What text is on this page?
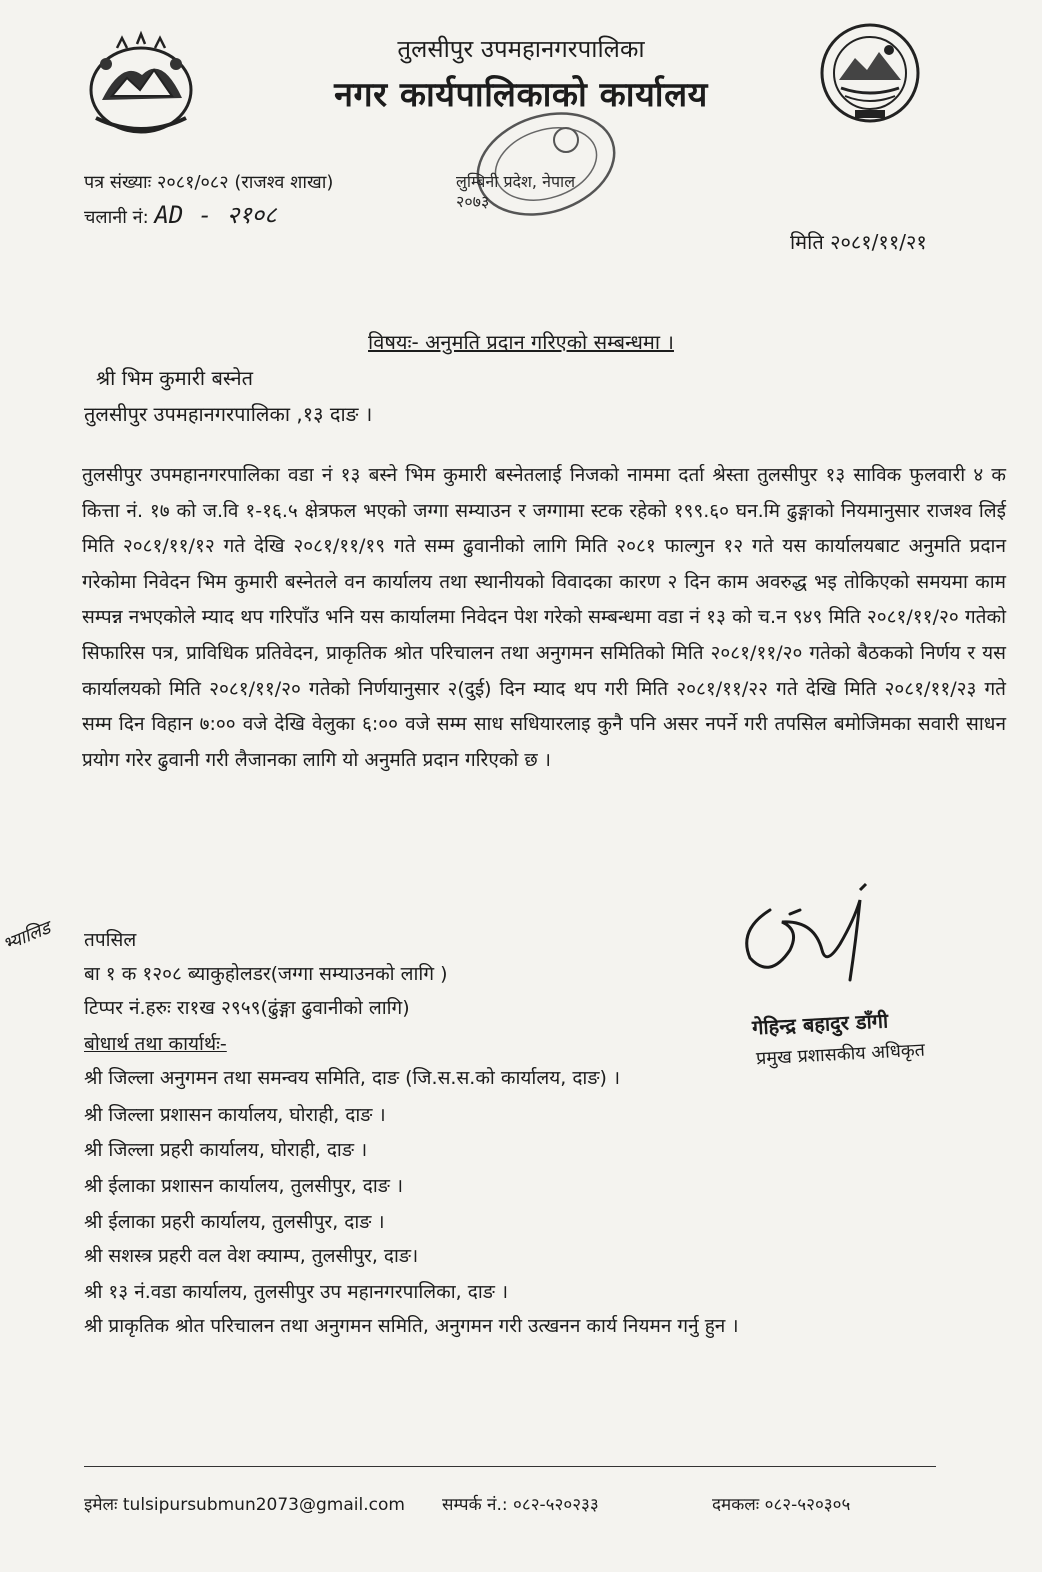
तुलसीपुर उपमहानगरपालिका
नगर कार्यपालिकाको कार्यालय
लुम्बिनी प्रदेश, नेपाल
२०७३
पत्र संख्याः २०८१/०८२ (राजश्व शाखा)
चलानी नं: AD - २१०८
मिति २०८१/११/२१
विषयः- अनुमति प्रदान गरिएको सम्बन्धमा ।
श्री भिम कुमारी बस्नेत
तुलसीपुर उपमहानगरपालिका ,१३ दाङ ।
तुलसीपुर उपमहानगरपालिका वडा नं १३ बस्ने भिम कुमारी बस्नेतलाई निजको नाममा दर्ता श्रेस्ता तुलसीपुर १३ साविक फुलवारी ४ क कित्ता नं. १७ को ज.वि १-१६.५ क्षेत्रफल भएको जग्गा सम्याउन र जग्गामा स्टक रहेको १९९.६० घन.मि ढुङ्गाको नियमानुसार राजश्व लिई मिति २०८१/११/१२ गते देखि २०८१/११/१९ गते सम्म ढुवानीको लागि मिति २०८१ फाल्गुन १२ गते यस कार्यालयबाट अनुमति प्रदान गरेकोमा निवेदन भिम कुमारी बस्नेतले वन कार्यालय तथा स्थानीयको विवादका कारण २ दिन काम अवरुद्ध भइ तोकिएको समयमा काम सम्पन्न नभएकोले म्याद थप गरिपाँउ भनि यस कार्यालमा निवेदन पेश गरेको सम्बन्धमा वडा नं १३ को च.न ९४९ मिति २०८१/११/२० गतेको सिफारिस पत्र, प्राविधिक प्रतिवेदन, प्राकृतिक श्रोत परिचालन तथा अनुगमन समितिको मिति २०८१/११/२० गतेको बैठकको निर्णय र यस कार्यालयको मिति २०८१/११/२० गतेको निर्णयानुसार २(दुई) दिन म्याद थप गरी मिति २०८१/११/२२ गते देखि मिति २०८१/११/२३ गते सम्म दिन विहान ७:०० वजे देखि वेलुका ६:०० वजे सम्म साध सधियारलाइ कुनै पनि असर नपर्ने गरी तपसिल बमोजिमका सवारी साधन प्रयोग गरेर ढुवानी गरी लैजानका लागि यो अनुमति प्रदान गरिएको छ ।
भ्यालिड तपसिल
बा १ क १२०८ ब्याकुहोलडर(जग्गा सम्याउनको लागि )
टिप्पर नं.हरुः रा१ख २९५९(ढुंङ्गा ढुवानीको लागि)
बोधार्थ तथा कार्यार्थः-
श्री जिल्ला अनुगमन तथा समन्वय समिति, दाङ (जि.स.स.को कार्यालय, दाङ) ।
श्री जिल्ला प्रशासन कार्यालय, घोराही, दाङ ।
श्री जिल्ला प्रहरी कार्यालय, घोराही, दाङ ।
श्री ईलाका प्रशासन कार्यालय, तुलसीपुर, दाङ ।
श्री ईलाका प्रहरी कार्यालय, तुलसीपुर, दाङ ।
श्री सशस्त्र प्रहरी वल वेश क्याम्प, तुलसीपुर, दाङ।
श्री १३ नं.वडा कार्यालय, तुलसीपुर उप महानगरपालिका, दाङ ।
श्री प्राकृतिक श्रोत परिचालन तथा अनुगमन समिति, अनुगमन गरी उत्खनन कार्य नियमन गर्नु हुन ।
गेहिन्द्र बहादुर डाँगी
प्रमुख प्रशासकीय अधिकृत
इमेलः tulsipursubmun2073@gmail.com सम्पर्क नं.: ०८२-५२०२३३	दमकलः ०८२-५२०३०५
